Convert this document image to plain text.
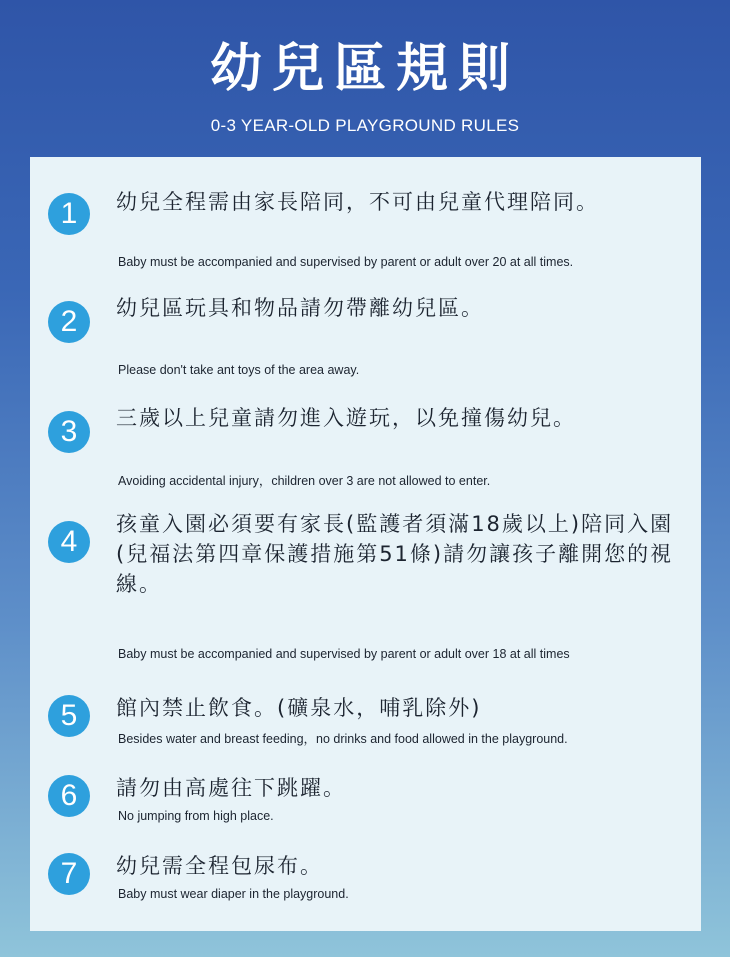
幼兒區規則
0-3 YEAR-OLD PLAYGROUND RULES
1	幼兒全程需由家長陪同，不可由兒童代理陪同。
Baby must be accompanied and supervised by parent or adult over 20 at all times.
2	幼兒區玩具和物品請勿帶離幼兒區。
Please don't take ant toys of the area away.
3	三歲以上兒童請勿進入遊玩，以免撞傷幼兒。
Avoiding accidental injury，children over 3 are not allowed to enter.
4
孩童入園必須要有家長(監護者須滿18歲以上)陪同入園(兒福法第四章保護措施第51條)請勿讓孩子離開您的視線。
Baby must be accompanied and supervised by parent or adult over 18 at all times
5	館內禁止飲食。(礦泉水，哺乳除外)
Besides water and breast feeding，no drinks and food allowed in the playground.
6	請勿由高處往下跳躍。
No jumping from high place.
7	幼兒需全程包尿布。
Baby must wear diaper in the playground.
